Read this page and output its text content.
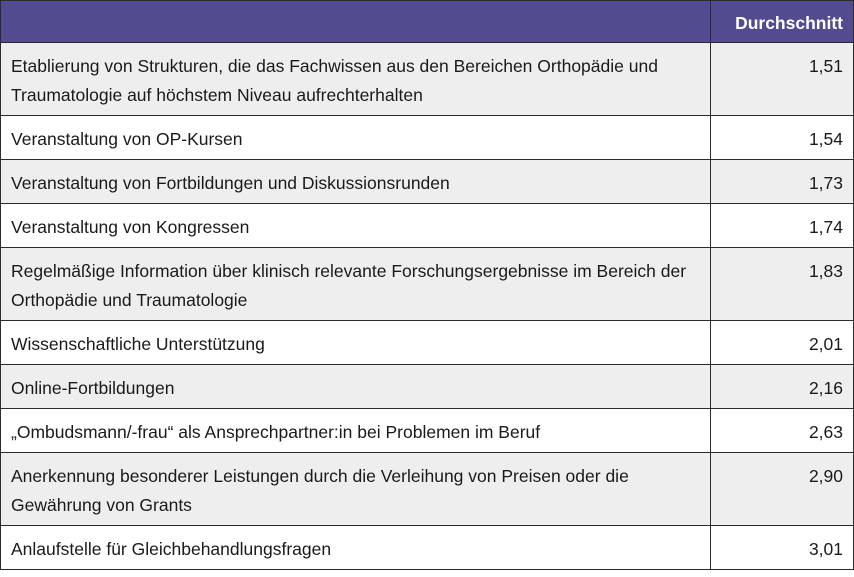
	Durchschnitt
Etablierung von Strukturen, die das Fachwissen aus den Bereichen Orthopädie und Traumatologie auf höchstem Niveau aufrechterhalten	1,51
Veranstaltung von OP-Kursen	1,54
Veranstaltung von Fortbildungen und Diskussionsrunden	1,73
Veranstaltung von Kongressen	1,74
Regelmäßige Information über klinisch relevante Forschungsergebnisse im Bereich der Orthopädie und Traumatologie	1,83
Wissenschaftliche Unterstützung	2,01
Online-Fortbildungen	2,16
„Ombudsmann/-frau“ als Ansprechpartner:in bei Problemen im Beruf	2,63
Anerkennung besonderer Leistungen durch die Verleihung von Preisen oder die Gewährung von Grants	2,90
Anlaufstelle für Gleichbehandlungsfragen	3,01
